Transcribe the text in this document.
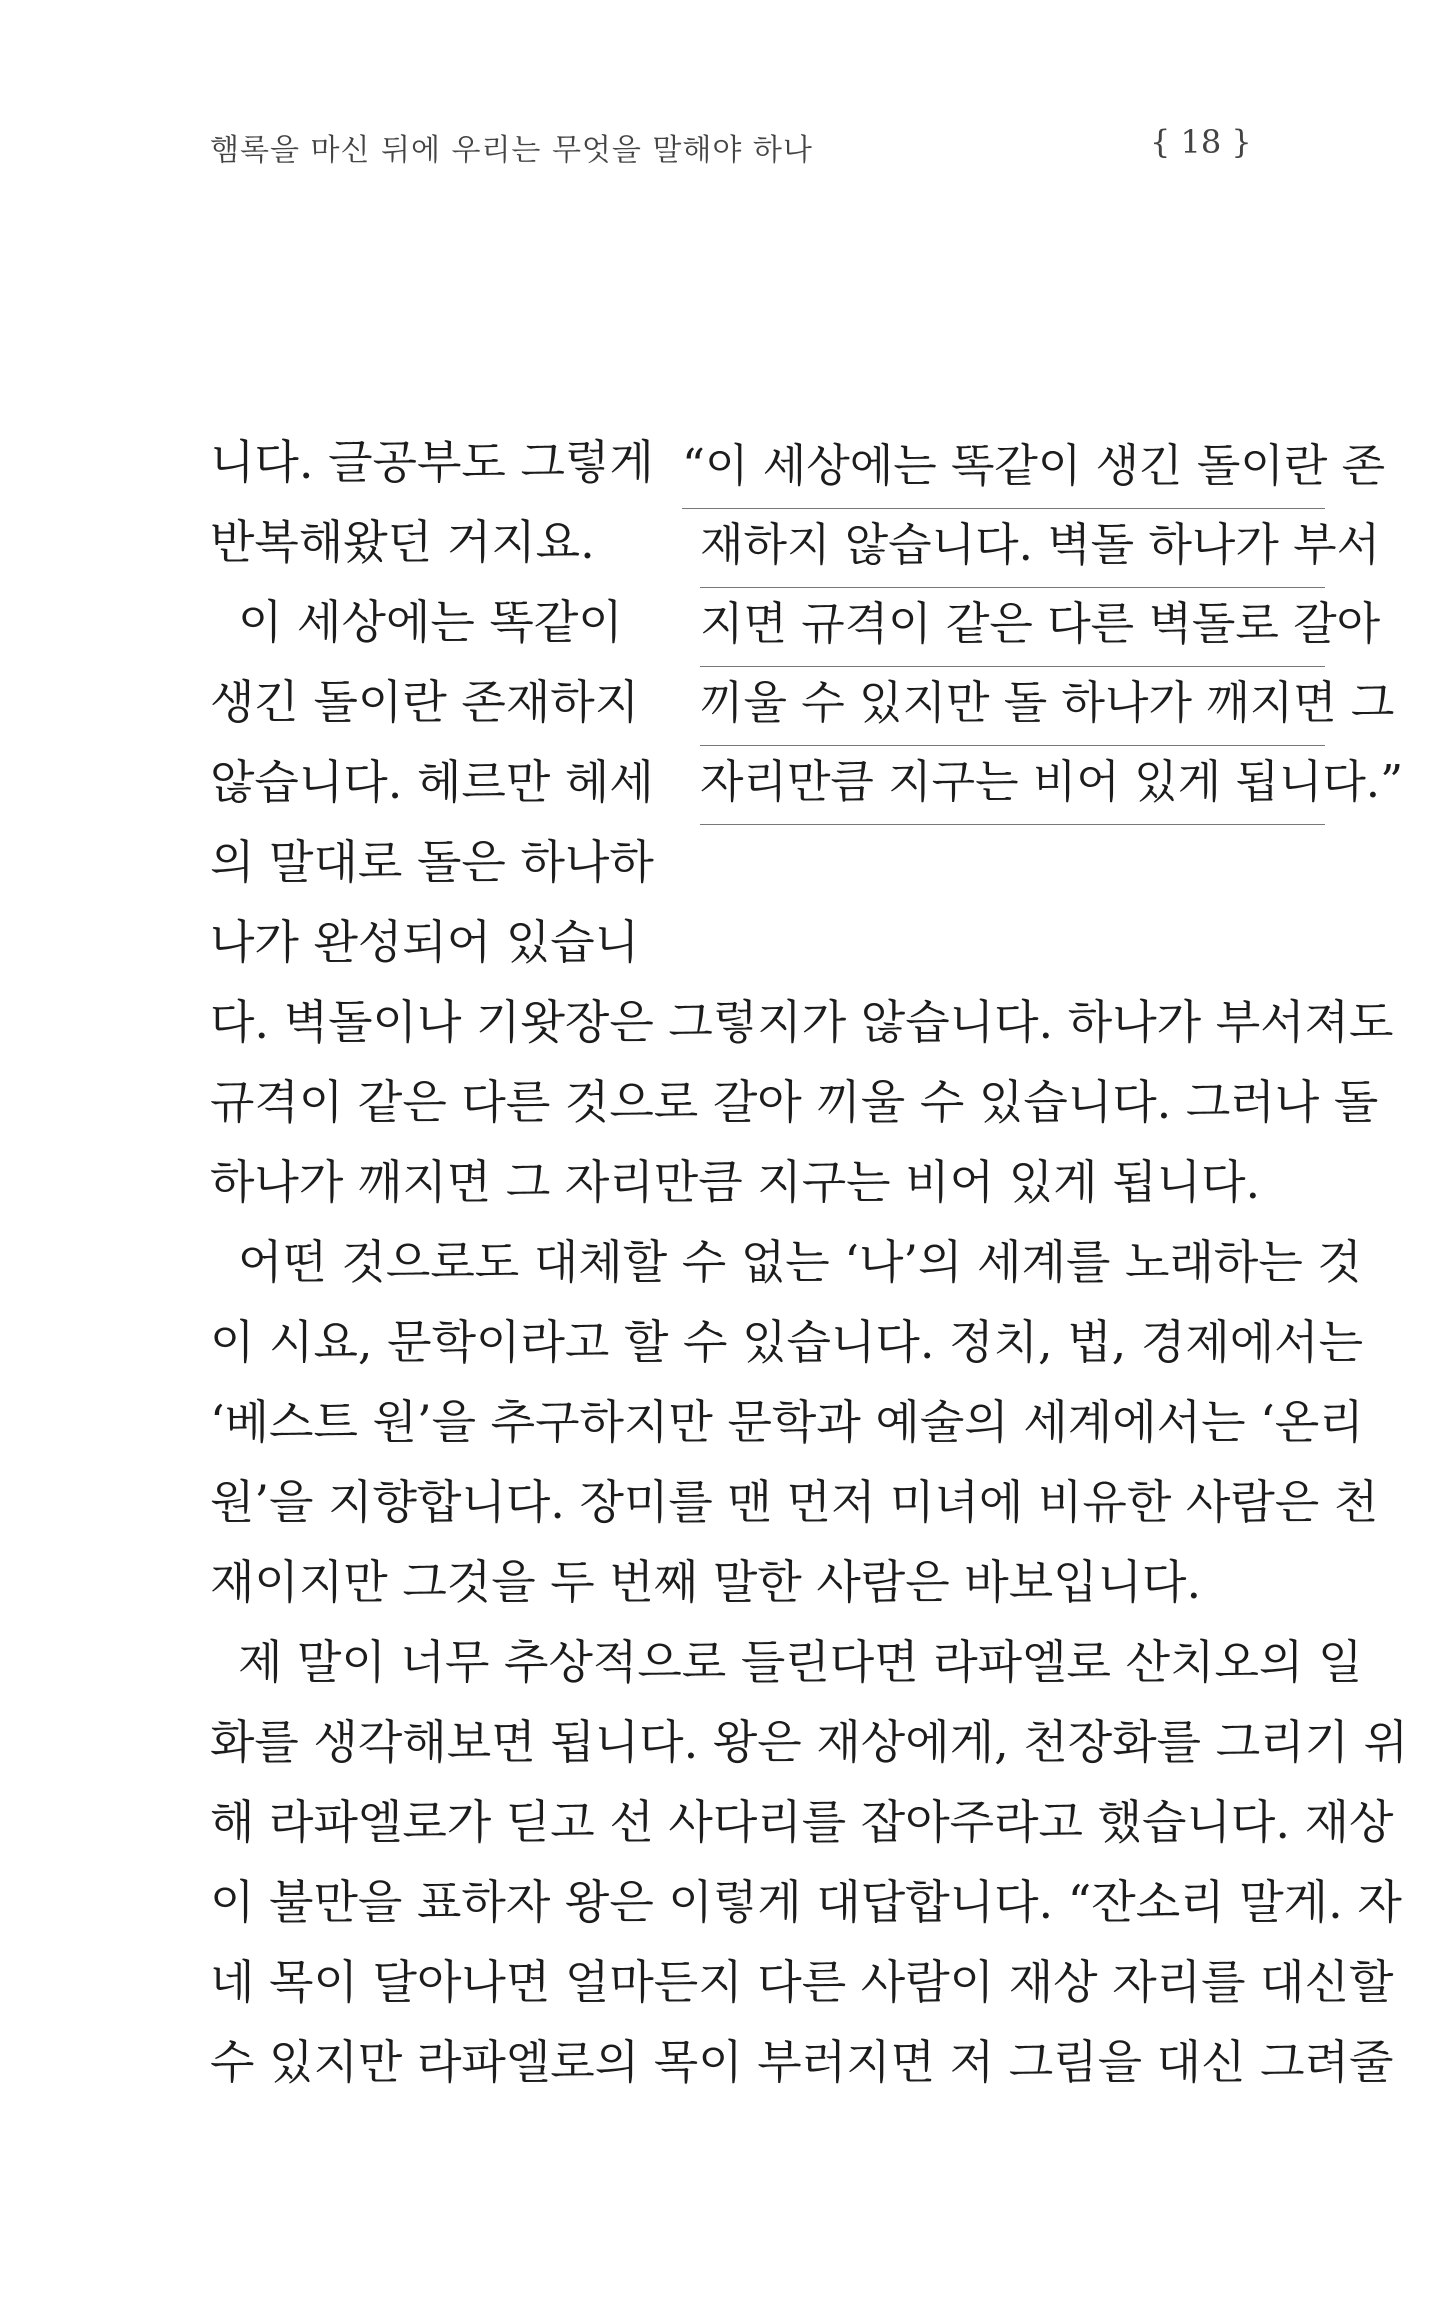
햄록을 마신 뒤에 우리는 무엇을 말해야 하나	{ 18 }
니다. 글공부도 그렇게
반복해왔던 거지요.
이 세상에는 똑같이
생긴 돌이란 존재하지
않습니다. 헤르만 헤세
의 말대로 돌은 하나하
나가 완성되어 있습니
“이 세상에는 똑같이 생긴 돌이란 존
재하지 않습니다. 벽돌 하나가 부서
지면 규격이 같은 다른 벽돌로 갈아
끼울 수 있지만 돌 하나가 깨지면 그
자리만큼 지구는 비어 있게 됩니다.”
다. 벽돌이나 기왓장은 그렇지가 않습니다. 하나가 부서져도
규격이 같은 다른 것으로 갈아 끼울 수 있습니다. 그러나 돌
하나가 깨지면 그 자리만큼 지구는 비어 있게 됩니다.
어떤 것으로도 대체할 수 없는 ‘나’의 세계를 노래하는 것
이 시요, 문학이라고 할 수 있습니다. 정치, 법, 경제에서는
‘베스트 원’을 추구하지만 문학과 예술의 세계에서는 ‘온리
원’을 지향합니다. 장미를 맨 먼저 미녀에 비유한 사람은 천
재이지만 그것을 두 번째 말한 사람은 바보입니다.
제 말이 너무 추상적으로 들린다면 라파엘로 산치오의 일
화를 생각해보면 됩니다. 왕은 재상에게, 천장화를 그리기 위
해 라파엘로가 딛고 선 사다리를 잡아주라고 했습니다. 재상
이 불만을 표하자 왕은 이렇게 대답합니다. “잔소리 말게. 자
네 목이 달아나면 얼마든지 다른 사람이 재상 자리를 대신할
수 있지만 라파엘로의 목이 부러지면 저 그림을 대신 그려줄
